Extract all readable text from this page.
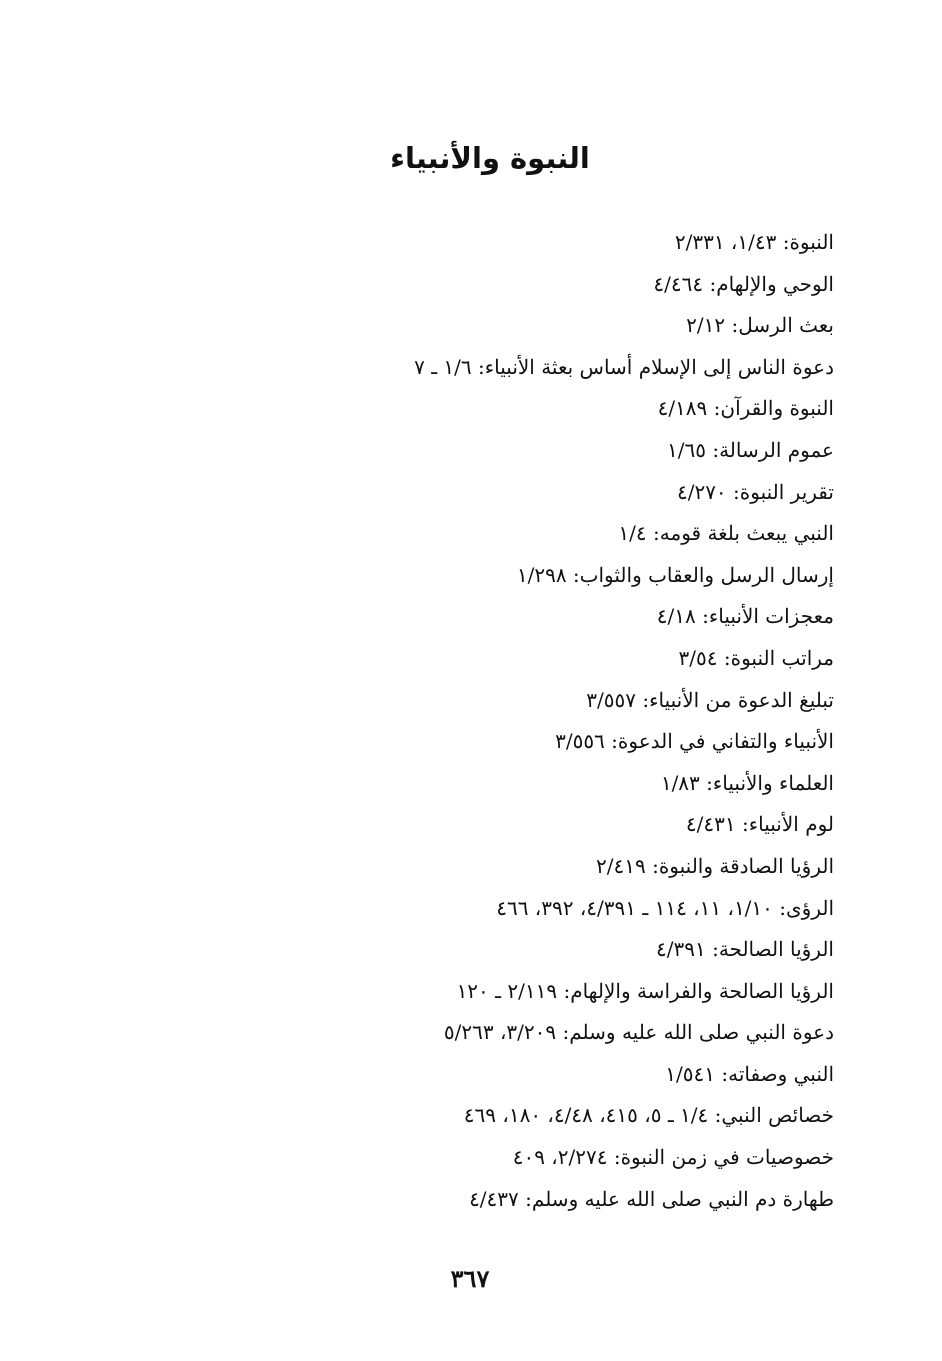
النبوة والأنبياء
النبوة: ١/٤٣، ٢/٣٣١
الوحي والإلهام: ٤/٤٦٤
بعث الرسل: ٢/١٢
دعوة الناس إلى الإسلام أساس بعثة الأنبياء: ١/٦ ـ ٧
النبوة والقرآن: ٤/١٨٩
عموم الرسالة: ١/٦٥
تقرير النبوة: ٤/٢٧٠
النبي يبعث بلغة قومه: ١/٤
إرسال الرسل والعقاب والثواب: ١/٢٩٨
معجزات الأنبياء: ٤/١٨
مراتب النبوة: ٣/٥٤
تبليغ الدعوة من الأنبياء: ٣/٥٥٧
الأنبياء والتفاني في الدعوة: ٣/٥٥٦
العلماء والأنبياء: ١/٨٣
لوم الأنبياء: ٤/٤٣١
الرؤيا الصادقة والنبوة: ٢/٤١٩
الرؤى: ١/١٠، ١١، ١١٤ ـ ٤/٣٩١، ٣٩٢، ٤٦٦
الرؤيا الصالحة: ٤/٣٩١
الرؤيا الصالحة والفراسة والإلهام: ٢/١١٩ ـ ١٢٠
دعوة النبي صلى الله عليه وسلم: ٣/٢٠٩، ٥/٢٦٣
النبي وصفاته: ١/٥٤١
خصائص النبي: ١/٤ ـ ٥، ٤١٥، ٤/٤٨، ١٨٠، ٤٦٩
خصوصيات في زمن النبوة: ٢/٢٧٤، ٤٠٩
طهارة دم النبي صلى الله عليه وسلم: ٤/٤٣٧
٣٦٧
